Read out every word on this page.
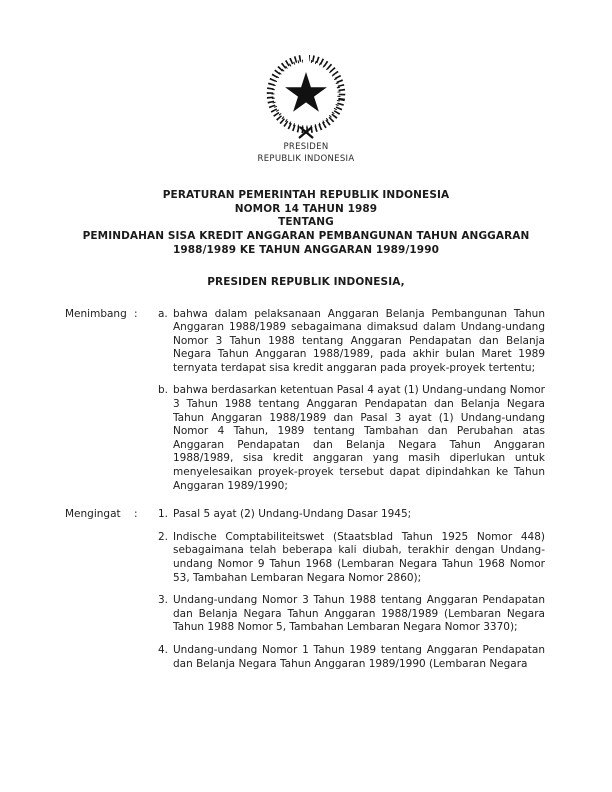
PRESIDEN
REPUBLIK INDONESIA
PERATURAN PEMERINTAH REPUBLIK INDONESIA
NOMOR 14 TAHUN 1989
TENTANG
PEMINDAHAN SISA KREDIT ANGGARAN PEMBANGUNAN TAHUN ANGGARAN
1988/1989 KE TAHUN ANGGARAN 1989/1990
PRESIDEN REPUBLIK INDONESIA,
Menimbang :	a. bahwa dalam pelaksanaan Anggaran Belanja Pembangunan Tahun Anggaran 1988/1989 sebagaimana dimaksud dalam Undang-undang Nomor 3 Tahun 1988 tentang Anggaran Pendapatan dan Belanja Negara Tahun Anggaran 1988/1989, pada akhir bulan Maret 1989 ternyata terdapat sisa kredit anggaran pada proyek-proyek tertentu;
b. bahwa berdasarkan ketentuan Pasal 4 ayat (1) Undang-undang Nomor 3 Tahun 1988 tentang Anggaran Pendapatan dan Belanja Negara Tahun Anggaran 1988/1989 dan Pasal 3 ayat (1) Undang-undang Nomor 4 Tahun, 1989 tentang Tambahan dan Perubahan atas Anggaran Pendapatan dan Belanja Negara Tahun Anggaran 1988/1989, sisa kredit anggaran yang masih diperlukan untuk menyelesaikan proyek-proyek tersebut dapat dipindahkan ke Tahun Anggaran 1989/1990;
Mengingat	:	1. Pasal 5 ayat (2) Undang-Undang Dasar 1945;
2. Indische Comptabiliteitswet (Staatsblad Tahun 1925 Nomor 448) sebagaimana telah beberapa kali diubah, terakhir dengan Undang-undang Nomor 9 Tahun 1968 (Lembaran Negara Tahun 1968 Nomor 53, Tambahan Lembaran Negara Nomor 2860);
3. Undang-undang Nomor 3 Tahun 1988 tentang Anggaran Pendapatan dan Belanja Negara Tahun Anggaran 1988/1989 (Lembaran Negara Tahun 1988 Nomor 5, Tambahan Lembaran Negara Nomor 3370);
4. Undang-undang Nomor 1 Tahun 1989 tentang Anggaran Pendapatan dan Belanja Negara Tahun Anggaran 1989/1990 (Lembaran Negara
